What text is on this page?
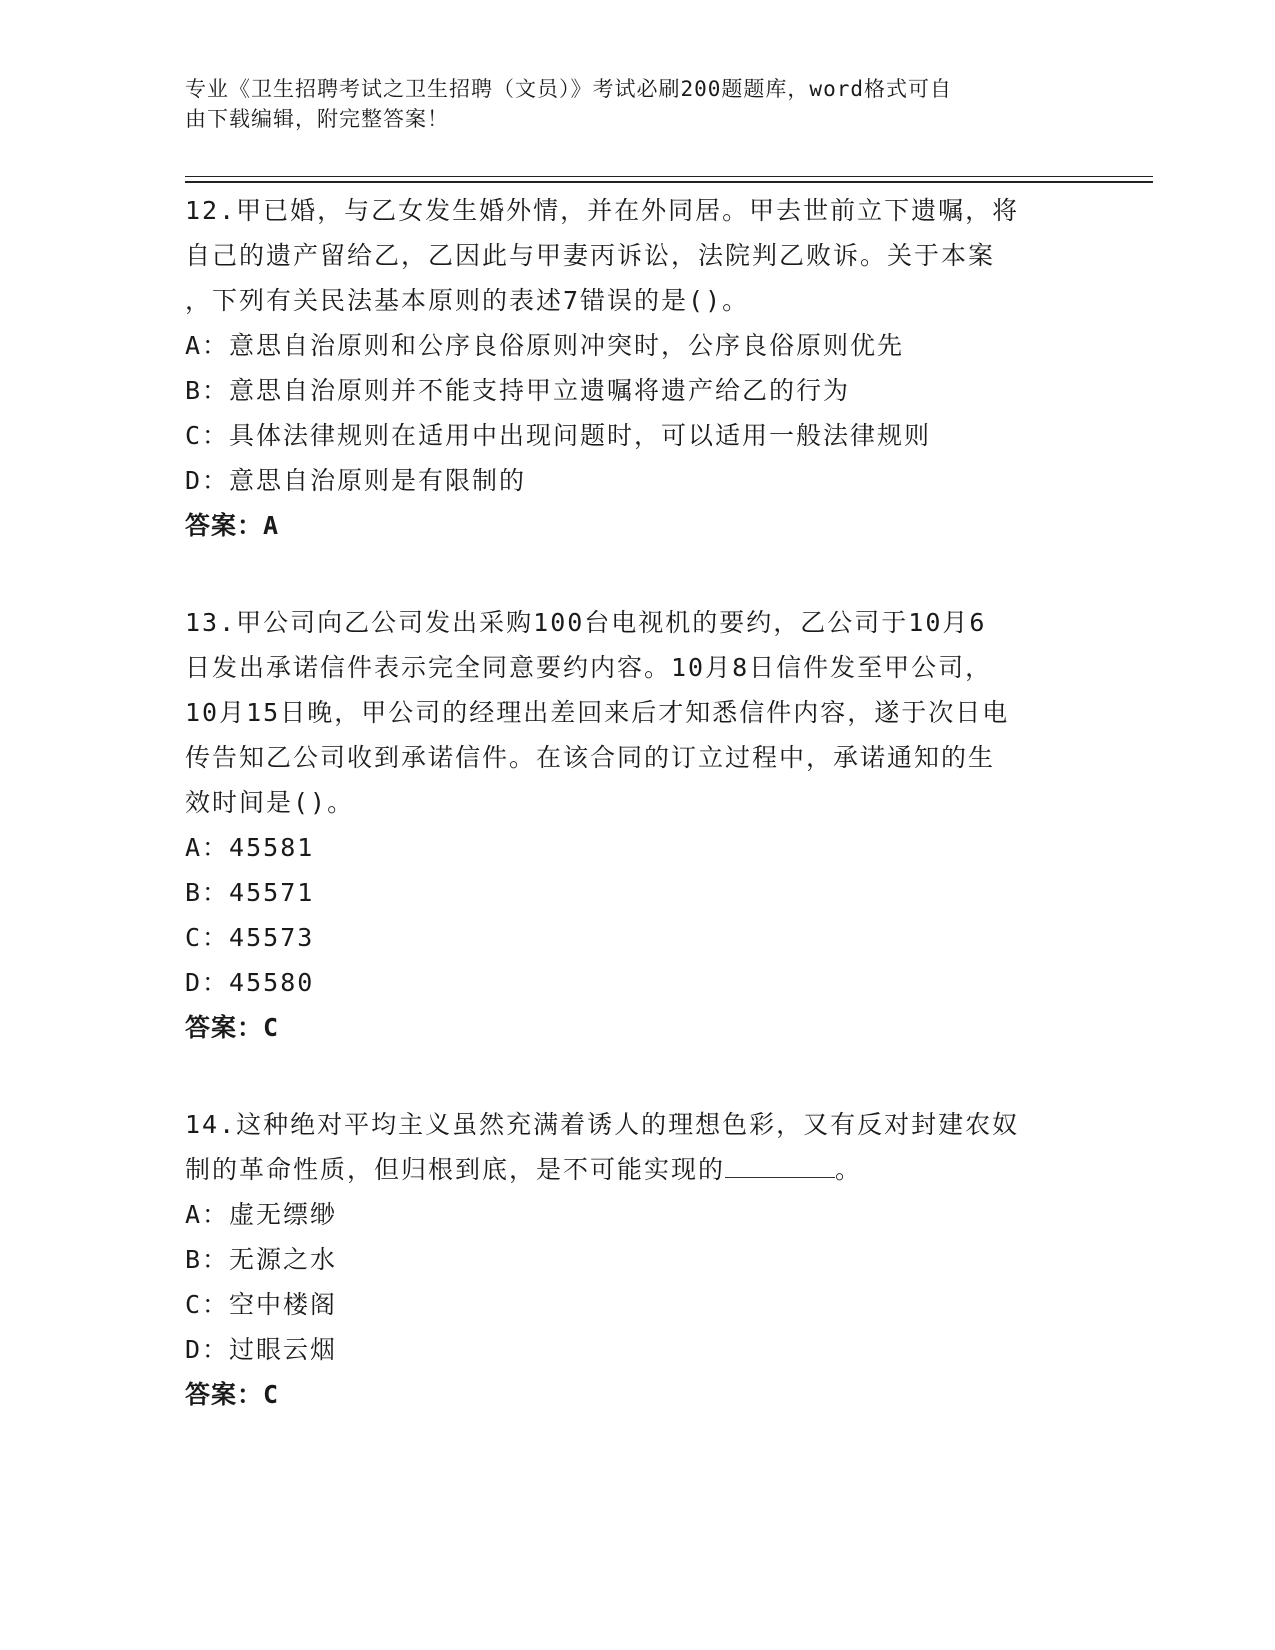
专业《卫生招聘考试之卫生招聘（文员）》考试必刷200题题库，word格式可自
由下载编辑，附完整答案！

12.甲已婚，与乙女发生婚外情，并在外同居。甲去世前立下遗嘱，将

自己的遗产留给乙，乙因此与甲妻丙诉讼，法院判乙败诉。关于本案

，下列有关民法基本原则的表述7错误的是()。

A：意思自治原则和公序良俗原则冲突时，公序良俗原则优先

B：意思自治原则并不能支持甲立遗嘱将遗产给乙的行为

C：具体法律规则在适用中出现问题时，可以适用一般法律规则

D：意思自治原则是有限制的

答案：A

13.甲公司向乙公司发出采购100台电视机的要约，乙公司于10月6

日发出承诺信件表示完全同意要约内容。10月8日信件发至甲公司，

10月15日晚，甲公司的经理出差回来后才知悉信件内容，遂于次日电

传告知乙公司收到承诺信件。在该合同的订立过程中，承诺通知的生

效时间是()。

A：45581

B：45571

C：45573

D：45580

答案：C

14.这种绝对平均主义虽然充满着诱人的理想色彩，又有反对封建农奴

制的革命性质，但归根到底，是不可能实现的	。

A：虚无缥缈

B：无源之水

C：空中楼阁

D：过眼云烟

答案：C
